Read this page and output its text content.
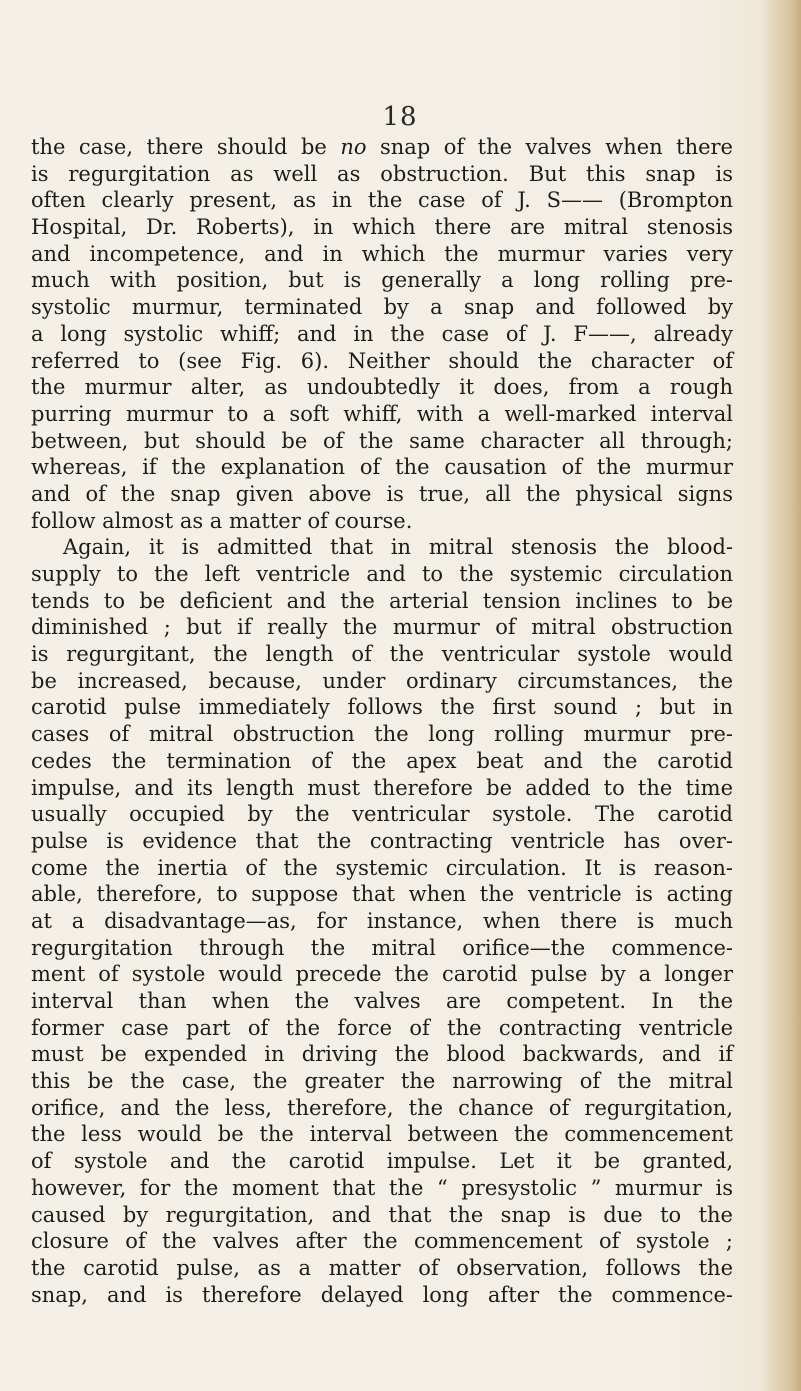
18
the case, there should be no snap of the valves when there
is regurgitation as well as obstruction. But this snap is
often clearly present, as in the case of J. S—— (Brompton
Hospital, Dr. Roberts), in which there are mitral stenosis
and incompetence, and in which the murmur varies very
much with position, but is generally a long rolling pre-
systolic murmur, terminated by a snap and followed by
a long systolic whiff; and in the case of J. F——, already
referred to (see Fig. 6). Neither should the character of
the murmur alter, as undoubtedly it does, from a rough
purring murmur to a soft whiff, with a well-marked interval
between, but should be of the same character all through;
whereas, if the explanation of the causation of the murmur
and of the snap given above is true, all the physical signs
follow almost as a matter of course.
Again, it is admitted that in mitral stenosis the blood-
supply to the left ventricle and to the systemic circulation
tends to be deficient and the arterial tension inclines to be
diminished ; but if really the murmur of mitral obstruction
is regurgitant, the length of the ventricular systole would
be increased, because, under ordinary circumstances, the
carotid pulse immediately follows the first sound ; but in
cases of mitral obstruction the long rolling murmur pre-
cedes the termination of the apex beat and the carotid
impulse, and its length must therefore be added to the time
usually occupied by the ventricular systole. The carotid
pulse is evidence that the contracting ventricle has over-
come the inertia of the systemic circulation. It is reason-
able, therefore, to suppose that when the ventricle is acting
at a disadvantage—as, for instance, when there is much
regurgitation through the mitral orifice—the commence-
ment of systole would precede the carotid pulse by a longer
interval than when the valves are competent. In the
former case part of the force of the contracting ventricle
must be expended in driving the blood backwards, and if
this be the case, the greater the narrowing of the mitral
orifice, and the less, therefore, the chance of regurgitation,
the less would be the interval between the commencement
of systole and the carotid impulse. Let it be granted,
however, for the moment that the “ presystolic ” murmur is
caused by regurgitation, and that the snap is due to the
closure of the valves after the commencement of systole ;
the carotid pulse, as a matter of observation, follows the
snap, and is therefore delayed long after the commence-
